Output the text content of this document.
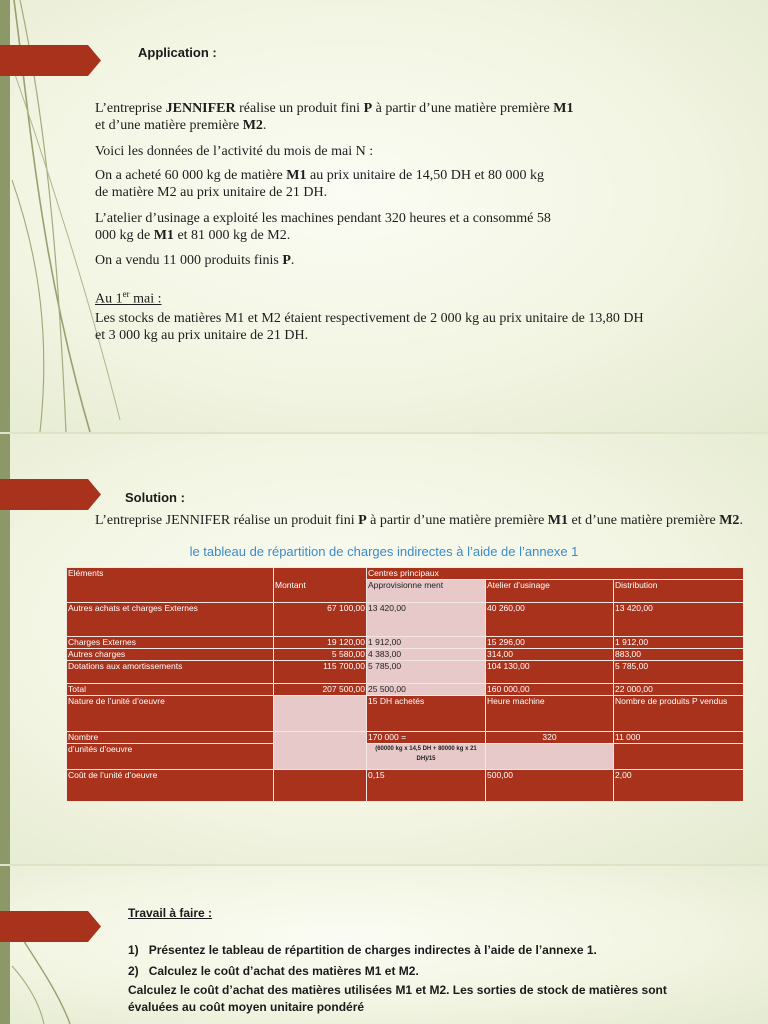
Application :
L’entreprise JENNIFER réalise un produit fini P à partir d’une matière première M1
et d’une matière première M2.
Voici les données de l’activité du mois de mai N :
On a acheté 60 000 kg de matière M1 au prix unitaire de 14,50 DH et 80 000 kg
de matière M2 au prix unitaire de 21 DH.
L’atelier d’usinage a exploité les machines pendant 320 heures et a consommé 58
000 kg de M1 et 81 000 kg de M2.
On a vendu 11 000 produits finis P.
Au 1er mai :
Les stocks de matières M1 et M2 étaient respectivement de 2 000 kg au prix unitaire de 13,80 DH
et 3 000 kg au prix unitaire de 21 DH.
Solution :
L’entreprise JENNIFER réalise un produit fini P à partir d’une matière première M1 et d’une matière première M2.
le tableau de répartition de charges indirectes à l’aide de l’annexe 1
Eléments	Montant	Centres principaux		
		Approvisionne ment	Atelier d’usinage	Distribution
Autres achats et charges Externes	67 100,00	13 420,00	40 260,00	13 420,00
Charges Externes	19 120,00	1 912,00	15 296,00	1 912,00
Autres charges	5 580,00	4 383,00	314,00	883,00
Dotations aux amortissements	115 700,00	5 785,00	104 130,00	5 785,00
Total	207 500,00	25 500,00	160 000,00	22 000,00
Nature de l’unité d’oeuvre		15 DH achetés	Heure machine	Nombre de produits P vendus
Nombre		170 000 =	320	11 000
d’unités d’oeuvre		(60000 kg x 14,5 DH + 80000 kg x 21 DH)/15		
Coût de l’unité d’oeuvre		0,15	500,00	2,00
Travail à faire :
1) Présentez le tableau de répartition de charges indirectes à l’aide de l’annexe 1.
2) Calculez le coût d’achat des matières M1 et M2.
Calculez le coût d’achat des matières utilisées M1 et M2. Les sorties de stock de matières sont évaluées au coût moyen unitaire pondéré
